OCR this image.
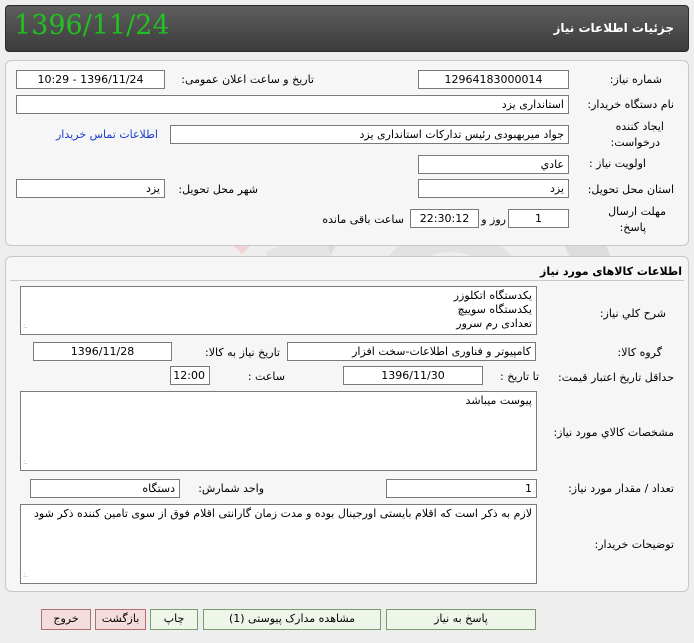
1396/11/24	جزئیات اطلاعات نیاز
شماره نیاز:
12964183000014
تاریخ و ساعت اعلان عمومی:
1396/11/24 - 10:29
نام دستگاه خریدار:
استانداری یزد
ایجاد کننده
درخواست:
جواد میربهبودی رئیس تدارکات استانداری یزد
اطلاعات تماس خریدار
اولویت نیاز :
عادي
استان محل تحویل:
یزد
شهر محل تحویل:
یزد
مهلت ارسال
پاسخ:
1
روز و
22:30:12
ساعت باقی مانده
اطلاعات کالاهای مورد نیاز
شرح کلي نیاز:
یکدستگاه اتکلوزر
یکدستگاه سوییچ
تعدادی رم سرور
.:
گروه کالا:
کامپیوتر و فناوری اطلاعات-سخت افزار
تاریخ نیاز به کالا:
1396/11/28
حداقل تاریخ اعتبار قیمت:
تا تاریخ :
1396/11/30
ساعت :
12:00
مشخصات كالاي مورد نياز:
پیوست میباشد
.:
تعداد / مقدار مورد نیاز:
1
واحد شمارش:
دستگاه
توضیحات خریدار:
لازم به ذکر است که اقلام بایستی اورجینال بوده و مدت زمان گارانتی اقلام فوق از سوی تامین کننده ذکر شود
.:
پاسخ به نیاز
مشاهده مدارک پیوستی (1)
چاپ
بازگشت
خروج
